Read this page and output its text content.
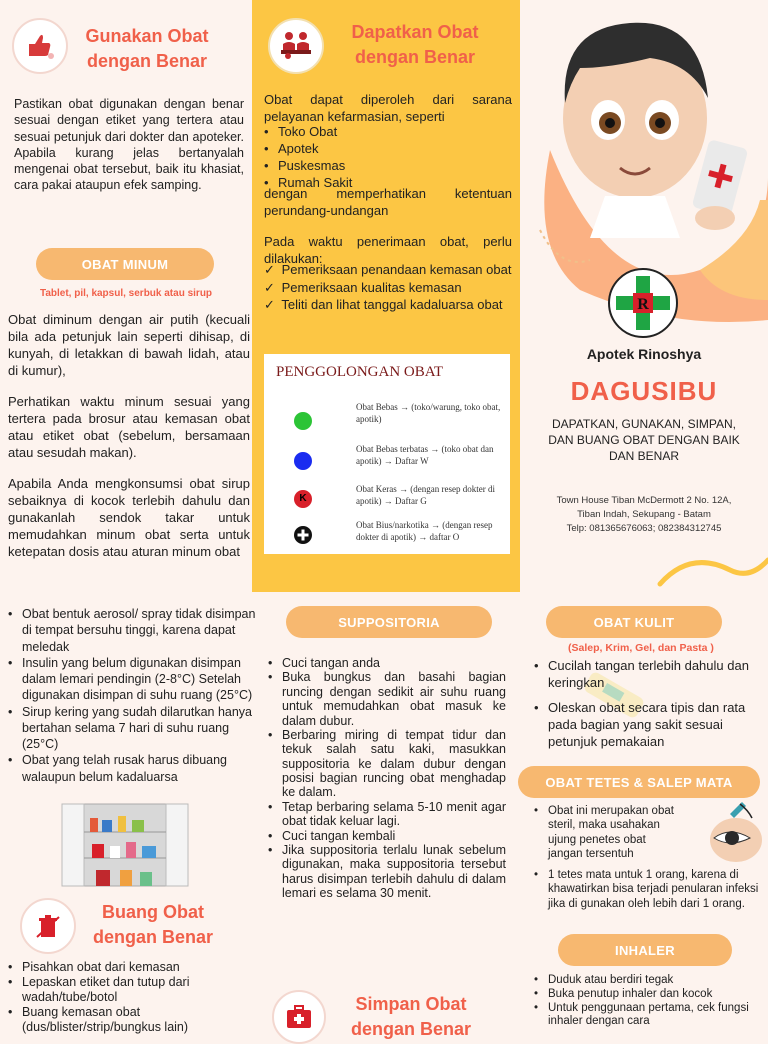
Gunakan Obat
dengan Benar

Pastikan obat digunakan dengan benar sesuai dengan etiket yang tertera atau sesuai petunjuk dari dokter dan apoteker. Apabila kurang jelas bertanyalah mengenai obat tersebut, baik itu khasiat, cara pakai ataupun efek samping.

OBAT MINUM
Tablet, pil, kapsul, serbuk atau sirup

Obat diminum dengan air putih (kecuali bila ada petunjuk lain seperti dihisap, di kunyah, di letakkan di bawah lidah, atau di kumur),

Perhatikan waktu minum sesuai yang tertera pada brosur atau kemasan obat atau etiket obat (sebelum, bersamaan atau sesudah makan).

Apabila Anda mengkonsumsi obat sirup sebaiknya di kocok terlebih dahulu dan gunakanlah sendok takar untuk memudahkan minum obat serta untuk ketepatan dosis atau aturan minum obat

Dapatkan Obat
dengan Benar

Obat dapat diperoleh dari sarana pelayanan kefarmasian, seperti

• Toko Obat
• Apotek
• Puskesmas
• Rumah Sakit

dengan memperhatikan ketentuan perundang-undangan

Pada waktu penerimaan obat, perlu dilakukan:

✓ Pemeriksaan penandaan kemasan obat
✓ Pemeriksaan kualitas kemasan
✓ Teliti dan lihat tanggal kadaluarsa obat
PENGGOLONGAN OBAT
Obat Bebas → (toko/warung, toko obat, apotik)
Obat Bebas terbatas → (toko obat dan apotik) → Daftar W
K
Obat Keras → (dengan resep dokter di apotik) → Daftar G
Obat Bius/narkotika → (dengan resep dokter di apotik) → daftar O
R
Apotek Rinoshya
DAGUSIBU
DAPATKAN, GUNAKAN, SIMPAN, DAN BUANG OBAT DENGAN BAIK DAN BENAR
Town House Tiban McDermott 2 No. 12A,
Tiban Indah, Sekupang - Batam
Telp: 081365676063; 082384312745
• Obat bentuk aerosol/ spray tidak disimpan di tempat bersuhu tinggi, karena dapat meledak
• Insulin yang belum digunakan disimpan dalam lemari pendingin (2-8°C) Setelah digunakan disimpan di suhu ruang (25°C)
• Sirup kering yang sudah dilarutkan hanya bertahan selama 7 hari di suhu ruang (25°C)
• Obat yang telah rusak harus dibuang walaupun belum kadaluarsa
Buang Obat
dengan Benar
• Pisahkan obat dari kemasan
• Lepaskan etiket dan tutup dari wadah/tube/botol
• Buang kemasan obat (dus/blister/strip/bungkus lain)
SUPPOSITORIA
• Cuci tangan anda
• Buka bungkus dan basahi bagian runcing dengan sedikit air suhu ruang untuk memudahkan obat masuk ke dalam dubur.
• Berbaring miring di tempat tidur dan tekuk salah satu kaki, masukkan suppositoria ke dalam dubur dengan posisi bagian runcing obat menghadap ke dalam.
• Tetap berbaring selama 5-10 menit agar obat tidak keluar lagi.
• Cuci tangan kembali
• Jika suppositoria terlalu lunak sebelum digunakan, maka suppositoria tersebut harus disimpan terlebih dahulu di dalam lemari es selama 30 menit.
Simpan Obat
dengan Benar
OBAT KULIT
(Salep, Krim, Gel, dan Pasta )
• Cucilah tangan terlebih dahulu dan keringkan
• Oleskan obat secara tipis dan rata pada bagian yang sakit sesuai petunjuk pemakaian
OBAT TETES & SALEP MATA
• Obat ini merupakan obat steril, maka usahakan ujung penetes obat jangan tersentuh
• 1 tetes mata untuk 1 orang, karena di khawatirkan bisa terjadi penularan infeksi jika di gunakan oleh lebih dari 1 orang.
INHALER
• Duduk atau berdiri tegak
• Buka penutup inhaler dan kocok
• Untuk penggunaan pertama, cek fungsi inhaler dengan cara
